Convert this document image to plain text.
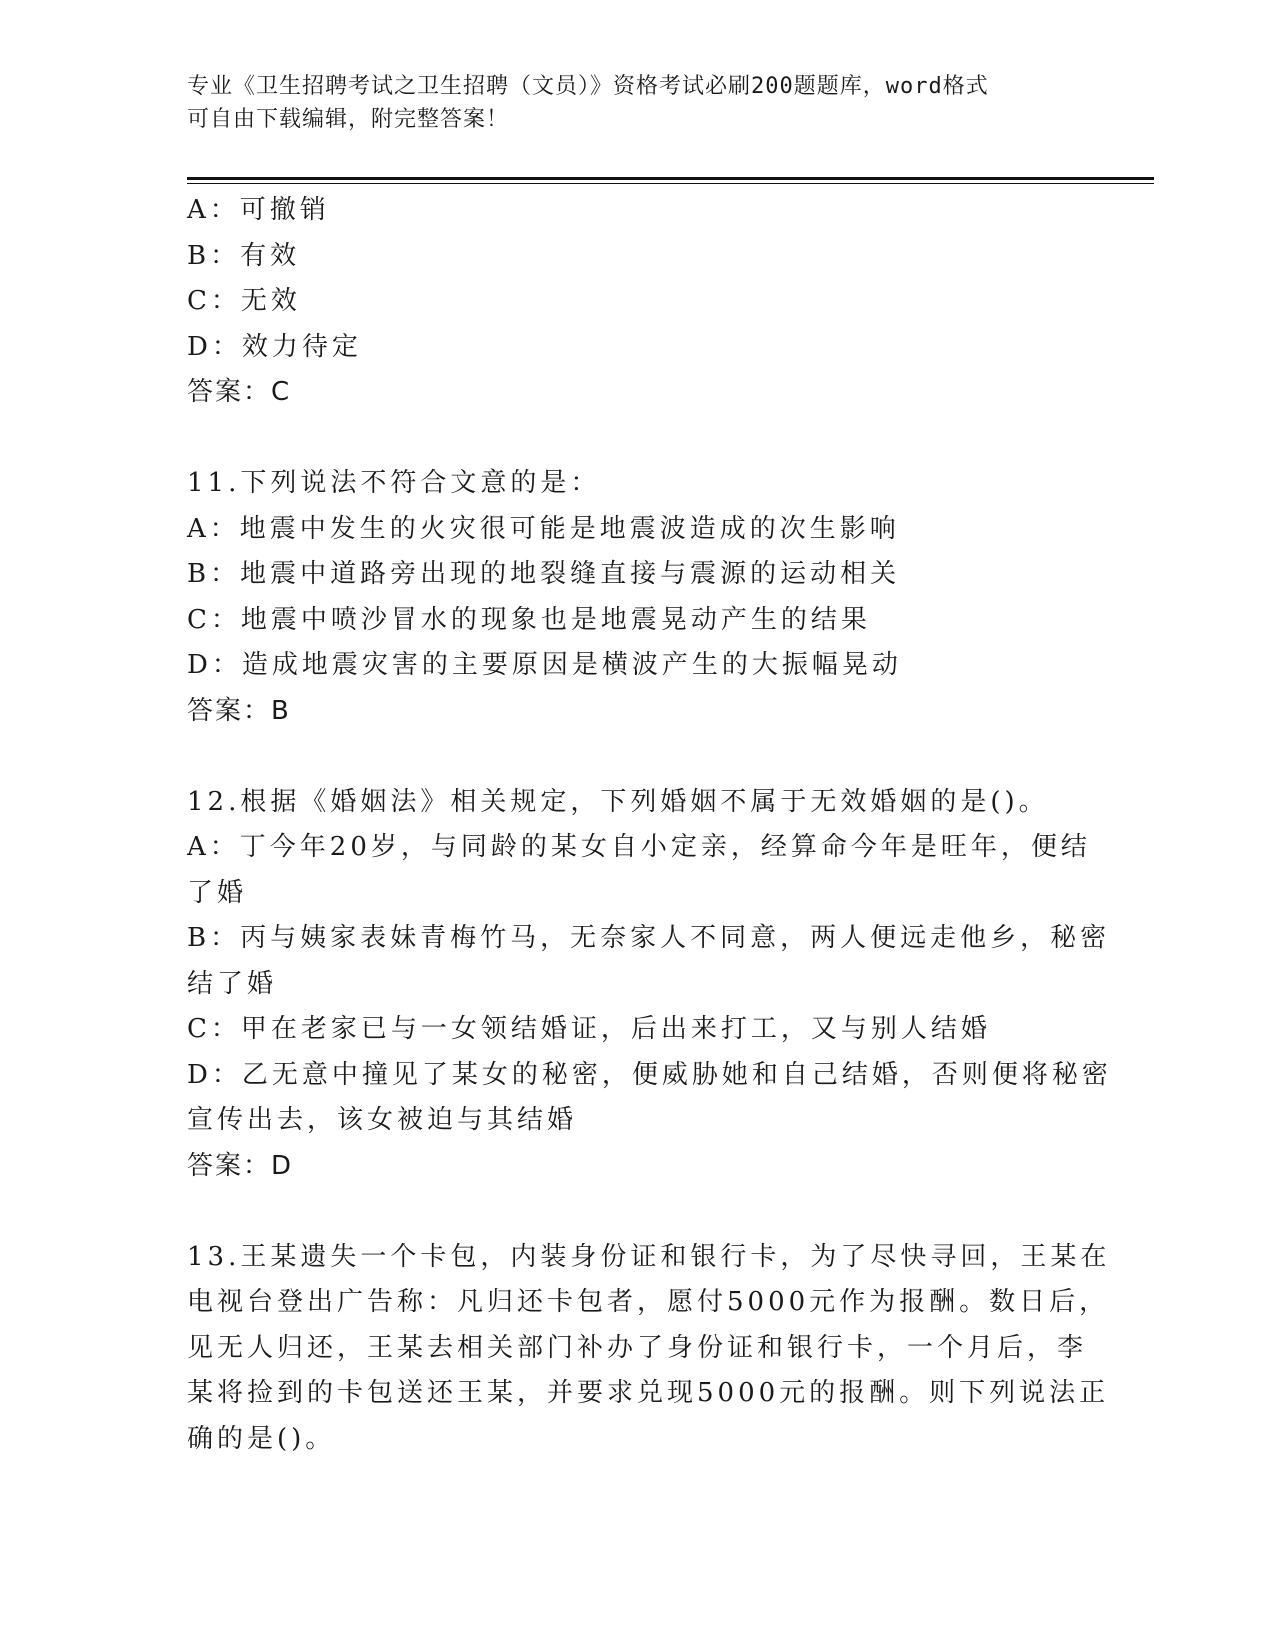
专业《卫生招聘考试之卫生招聘（文员）》资格考试必刷200题题库，word格式
可自由下载编辑，附完整答案！
A：可撤销
B：有效
C：无效
D：效力待定
答案：C
11.下列说法不符合文意的是：
A：地震中发生的火灾很可能是地震波造成的次生影响
B：地震中道路旁出现的地裂缝直接与震源的运动相关
C：地震中喷沙冒水的现象也是地震晃动产生的结果
D：造成地震灾害的主要原因是横波产生的大振幅晃动
答案：B
12.根据《婚姻法》相关规定，下列婚姻不属于无效婚姻的是()。
A：丁今年20岁，与同龄的某女自小定亲，经算命今年是旺年，便结
了婚
B：丙与姨家表妹青梅竹马，无奈家人不同意，两人便远走他乡，秘密
结了婚
C：甲在老家已与一女领结婚证，后出来打工，又与别人结婚
D：乙无意中撞见了某女的秘密，便威胁她和自己结婚，否则便将秘密
宣传出去，该女被迫与其结婚
答案：D
13.王某遗失一个卡包，内装身份证和银行卡，为了尽快寻回，王某在
电视台登出广告称：凡归还卡包者，愿付5000元作为报酬。数日后，
见无人归还，王某去相关部门补办了身份证和银行卡，一个月后，李
某将捡到的卡包送还王某，并要求兑现5000元的报酬。则下列说法正
确的是()。
